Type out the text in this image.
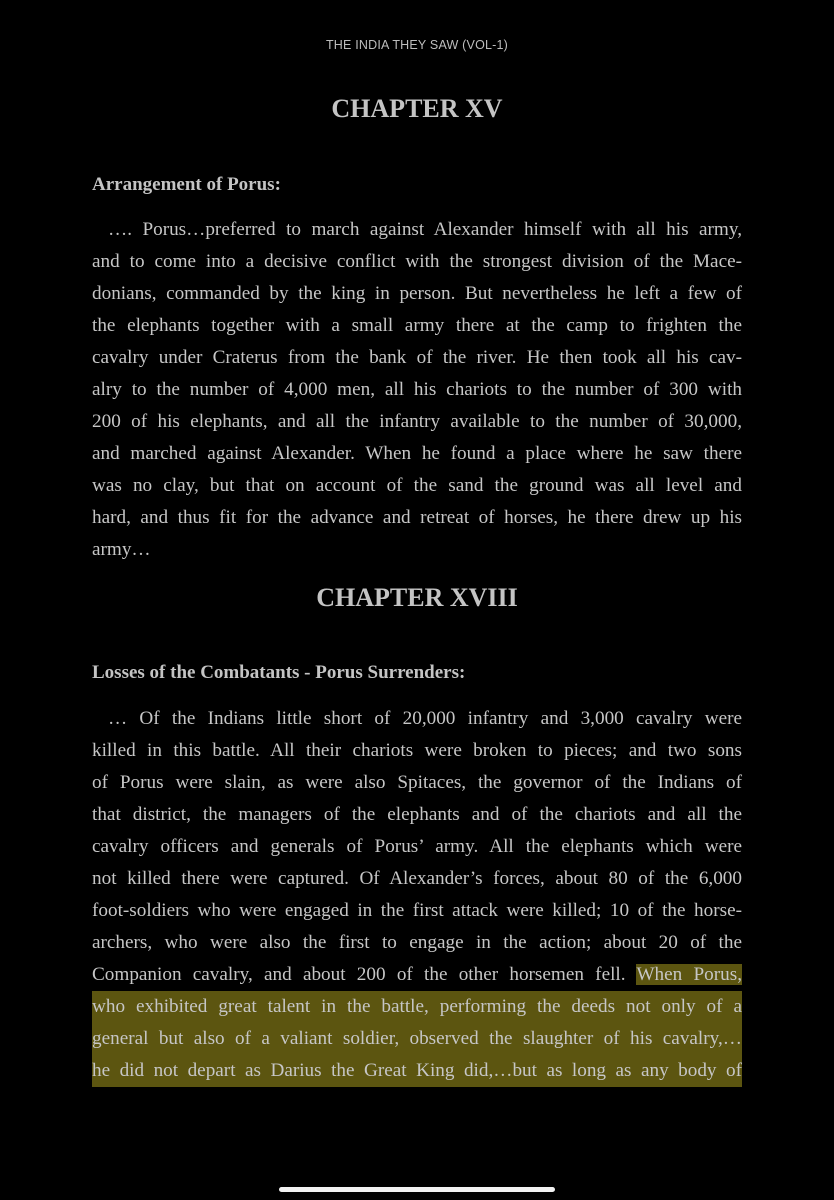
THE INDIA THEY SAW (VOL-1)
CHAPTER XV
Arrangement of Porus:
…. Porus…preferred to march against Alexander himself with all his army,
and to come into a decisive conflict with the strongest division of the Mace-
donians, commanded by the king in person. But nevertheless he left a few of
the elephants together with a small army there at the camp to frighten the
cavalry under Craterus from the bank of the river. He then took all his cav-
alry to the number of 4,000 men, all his chariots to the number of 300 with
200 of his elephants, and all the infantry available to the number of 30,000,
and marched against Alexander. When he found a place where he saw there
was no clay, but that on account of the sand the ground was all level and
hard, and thus fit for the advance and retreat of horses, he there drew up his
army…
CHAPTER XVIII
Losses of the Combatants - Porus Surrenders:
… Of the Indians little short of 20,000 infantry and 3,000 cavalry were
killed in this battle. All their chariots were broken to pieces; and two sons
of Porus were slain, as were also Spitaces, the governor of the Indians of
that district, the managers of the elephants and of the chariots and all the
cavalry officers and generals of Porus’ army. All the elephants which were
not killed there were captured. Of Alexander’s forces, about 80 of the 6,000
foot-soldiers who were engaged in the first attack were killed; 10 of the horse-
archers, who were also the first to engage in the action; about 20 of the
Companion cavalry, and about 200 of the other horsemen fell. When Porus,
who exhibited great talent in the battle, performing the deeds not only of a
general but also of a valiant soldier, observed the slaughter of his cavalry,…
he did not depart as Darius the Great King did,…but as long as any body of
